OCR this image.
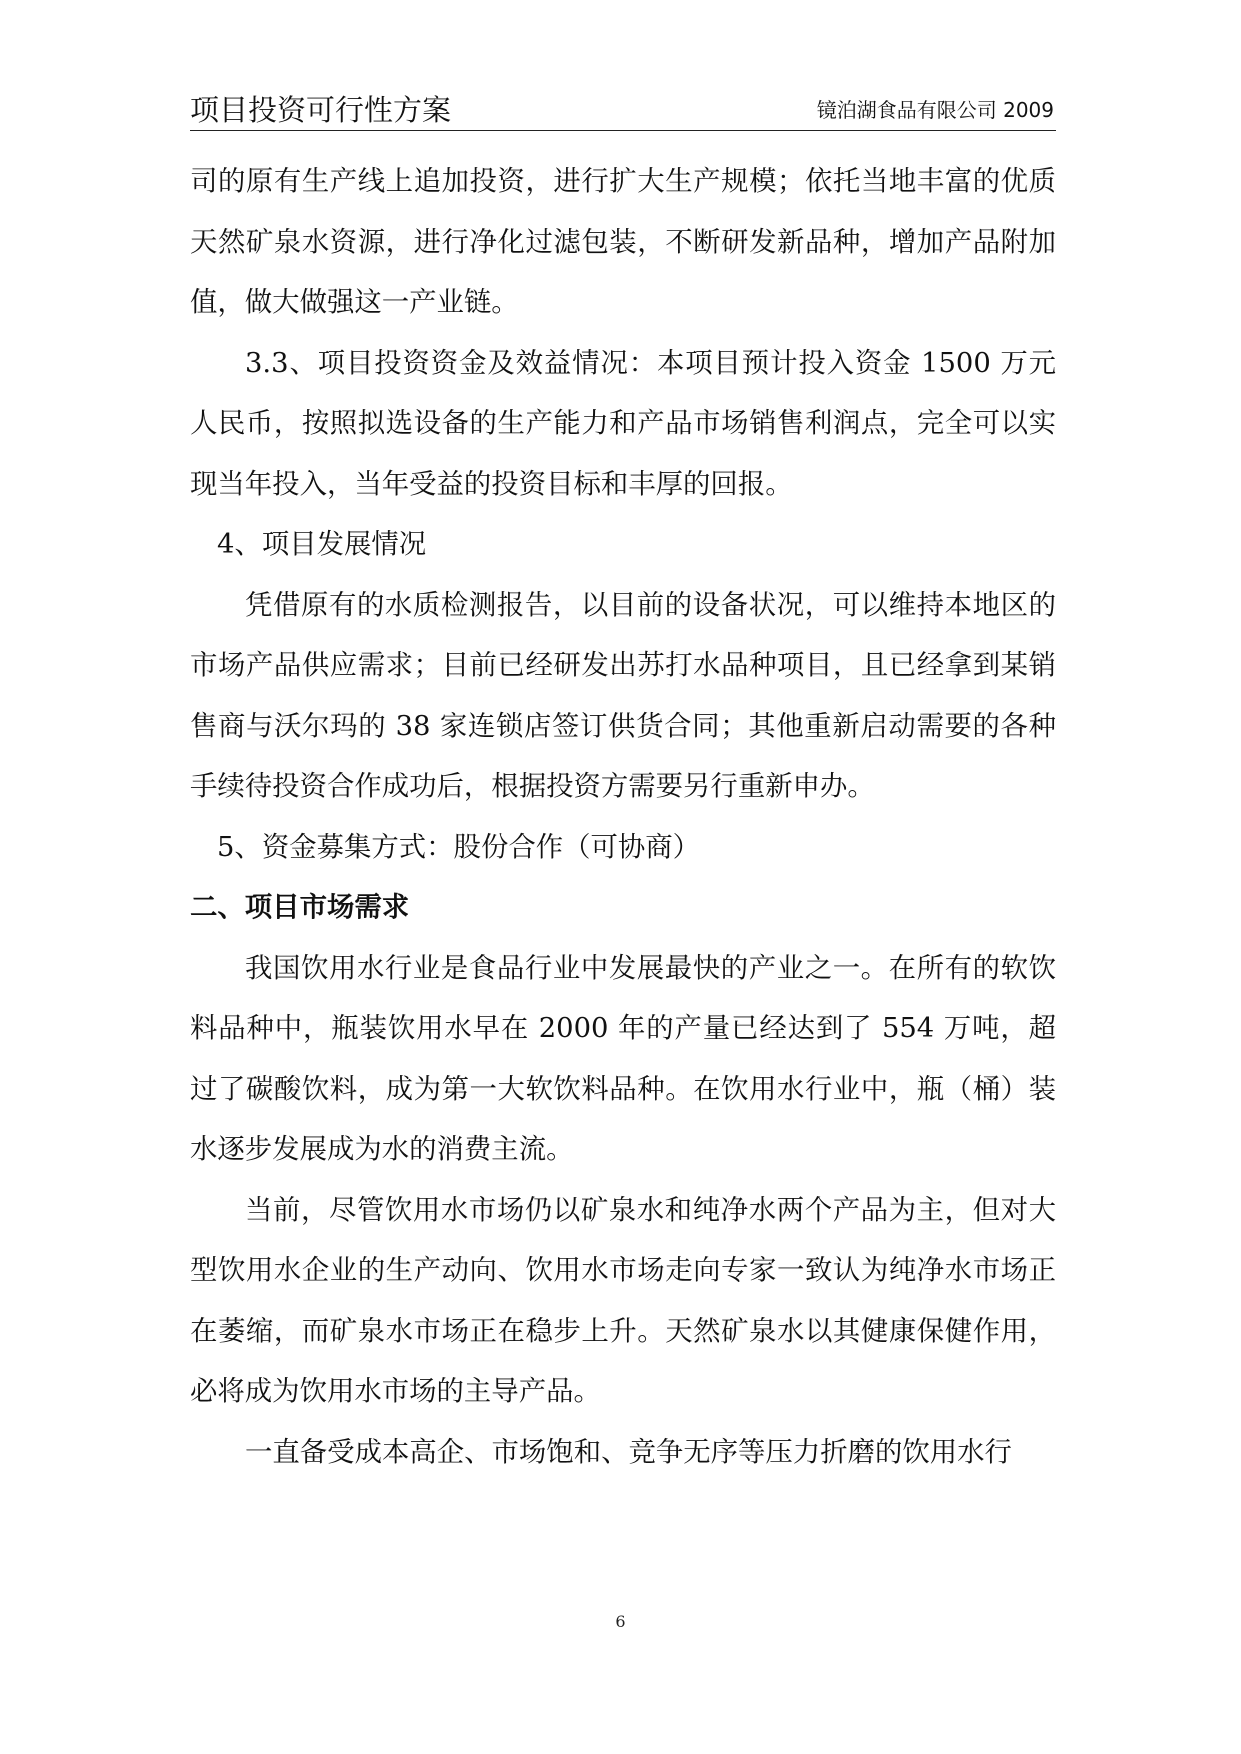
项目投资可行性方案	镜泊湖食品有限公司 2009

司的原有生产线上追加投资，进行扩大生产规模；依托当地丰富的优质天然矿泉水资源，进行净化过滤包装，不断研发新品种，增加产品附加值，做大做强这一产业链。

3.3、项目投资资金及效益情况：本项目预计投入资金 1500 万元人民币，按照拟选设备的生产能力和产品市场销售利润点，完全可以实现当年投入，当年受益的投资目标和丰厚的回报。

4、项目发展情况

凭借原有的水质检测报告，以目前的设备状况，可以维持本地区的市场产品供应需求；目前已经研发出苏打水品种项目，且已经拿到某销售商与沃尔玛的 38 家连锁店签订供货合同；其他重新启动需要的各种手续待投资合作成功后，根据投资方需要另行重新申办。

5、资金募集方式：股份合作（可协商）

二、项目市场需求

我国饮用水行业是食品行业中发展最快的产业之一。在所有的软饮料品种中，瓶装饮用水早在 2000 年的产量已经达到了 554 万吨，超过了碳酸饮料，成为第一大软饮料品种。在饮用水行业中，瓶（桶）装水逐步发展成为水的消费主流。

当前，尽管饮用水市场仍以矿泉水和纯净水两个产品为主，但对大型饮用水企业的生产动向、饮用水市场走向专家一致认为纯净水市场正在萎缩，而矿泉水市场正在稳步上升。天然矿泉水以其健康保健作用，必将成为饮用水市场的主导产品。

一直备受成本高企、市场饱和、竞争无序等压力折磨的饮用水行

6
